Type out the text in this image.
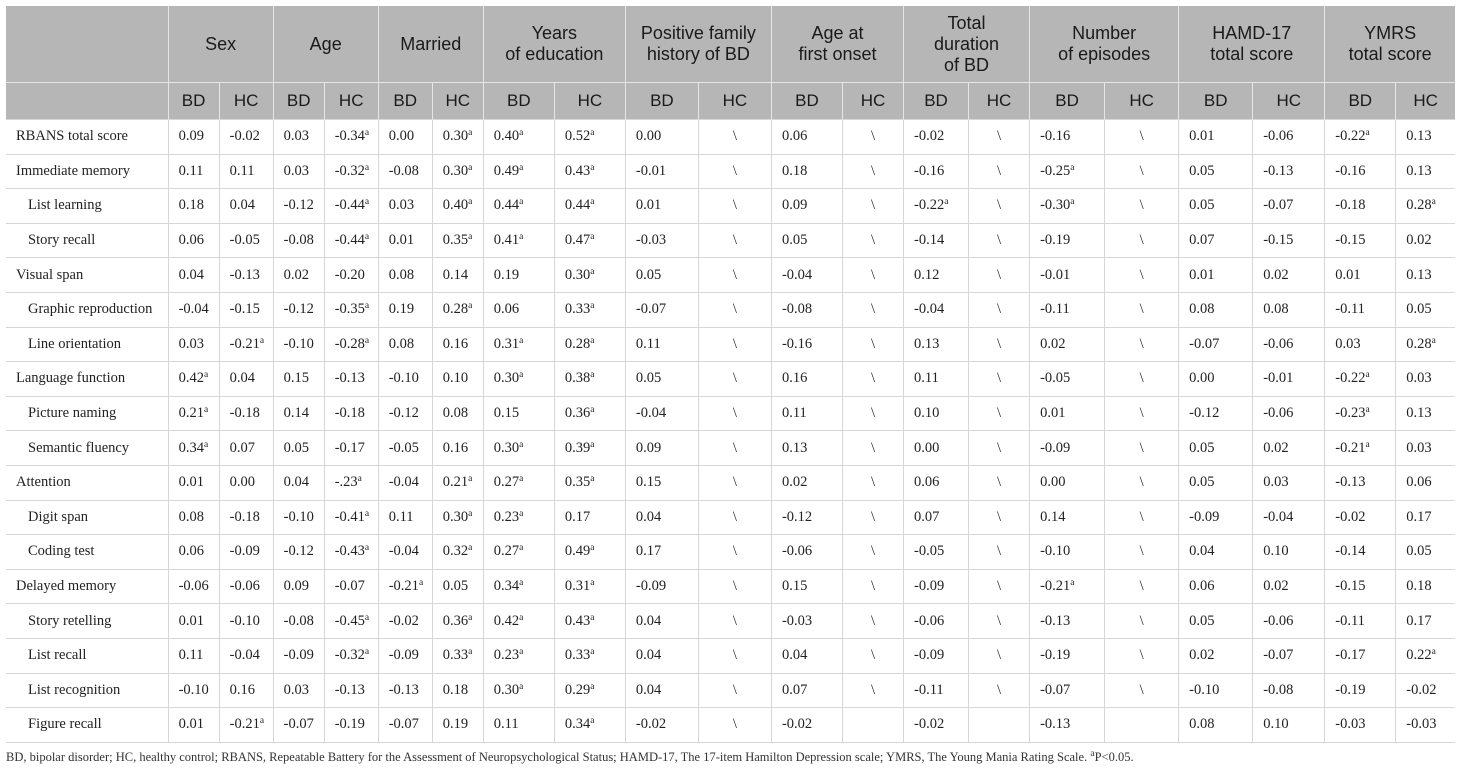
	Sex		Age		Married		Years
of education		Positive family
history of BD		Age at
first onset		Total
duration
of BD		Number
of episodes		HAMD-17
total score		YMRS
total score	
	BD	HC	BD	HC	BD	HC	BD	HC	BD	HC	BD	HC	BD	HC	BD	HC	BD	HC	BD	HC
RBANS total score	0.09	-0.02	0.03	-0.34$^a$	0.00	0.30$^a$	0.40$^a$	0.52$^a$	0.00	\	0.06	\	-0.02	\	-0.16	\	0.01	-0.06	-0.22$^a$	0.13
Immediate memory	0.11	0.11	0.03	-0.32$^a$	-0.08	0.30$^a$	0.49$^a$	0.43$^a$	-0.01	\	0.18	\	-0.16	\	-0.25$^a$	\	0.05	-0.13	-0.16	0.13
List learning	0.18	0.04	-0.12	-0.44$^a$	0.03	0.40$^a$	0.44$^a$	0.44$^a$	0.01	\	0.09	\	-0.22$^a$	\	-0.30$^a$	\	0.05	-0.07	-0.18	0.28$^a$
Story recall	0.06	-0.05	-0.08	-0.44$^a$	0.01	0.35$^a$	0.41$^a$	0.47$^a$	-0.03	\	0.05	\	-0.14	\	-0.19	\	0.07	-0.15	-0.15	0.02
Visual span	0.04	-0.13	0.02	-0.20	0.08	0.14	0.19	0.30$^a$	0.05	\	-0.04	\	0.12	\	-0.01	\	0.01	0.02	0.01	0.13
Graphic reproduction	-0.04	-0.15	-0.12	-0.35$^a$	0.19	0.28$^a$	0.06	0.33$^a$	-0.07	\	-0.08	\	-0.04	\	-0.11	\	0.08	0.08	-0.11	0.05
Line orientation	0.03	-0.21$^a$	-0.10	-0.28$^a$	0.08	0.16	0.31$^a$	0.28$^a$	0.11	\	-0.16	\	0.13	\	0.02	\	-0.07	-0.06	0.03	0.28$^a$
Language function	0.42$^a$	0.04	0.15	-0.13	-0.10	0.10	0.30$^a$	0.38$^a$	0.05	\	0.16	\	0.11	\	-0.05	\	0.00	-0.01	-0.22$^a$	0.03
Picture naming	0.21$^a$	-0.18	0.14	-0.18	-0.12	0.08	0.15	0.36$^a$	-0.04	\	0.11	\	0.10	\	0.01	\	-0.12	-0.06	-0.23$^a$	0.13
Semantic fluency	0.34$^a$	0.07	0.05	-0.17	-0.05	0.16	0.30$^a$	0.39$^a$	0.09	\	0.13	\	0.00	\	-0.09	\	0.05	0.02	-0.21$^a$	0.03
Attention	0.01	0.00	0.04	-.23$^a$	-0.04	0.21$^a$	0.27$^a$	0.35$^a$	0.15	\	0.02	\	0.06	\	0.00	\	0.05	0.03	-0.13	0.06
Digit span	0.08	-0.18	-0.10	-0.41$^a$	0.11	0.30$^a$	0.23$^a$	0.17	0.04	\	-0.12	\	0.07	\	0.14	\	-0.09	-0.04	-0.02	0.17
Coding test	0.06	-0.09	-0.12	-0.43$^a$	-0.04	0.32$^a$	0.27$^a$	0.49$^a$	0.17	\	-0.06	\	-0.05	\	-0.10	\	0.04	0.10	-0.14	0.05
Delayed memory	-0.06	-0.06	0.09	-0.07	-0.21$^a$	0.05	0.34$^a$	0.31$^a$	-0.09	\	0.15	\	-0.09	\	-0.21$^a$	\	0.06	0.02	-0.15	0.18
Story retelling	0.01	-0.10	-0.08	-0.45$^a$	-0.02	0.36$^a$	0.42$^a$	0.43$^a$	0.04	\	-0.03	\	-0.06	\	-0.13	\	0.05	-0.06	-0.11	0.17
List recall	0.11	-0.04	-0.09	-0.32$^a$	-0.09	0.33$^a$	0.23$^a$	0.33$^a$	0.04	\	0.04	\	-0.09	\	-0.19	\	0.02	-0.07	-0.17	0.22$^a$
List recognition	-0.10	0.16	0.03	-0.13	-0.13	0.18	0.30$^a$	0.29$^a$	0.04	\	0.07	\	-0.11	\	-0.07	\	-0.10	-0.08	-0.19	-0.02
Figure recall	0.01	-0.21$^a$	-0.07	-0.19	-0.07	0.19	0.11	0.34$^a$	-0.02	\	-0.02		-0.02		-0.13		0.08	0.10	-0.03	-0.03
BD, bipolar disorder; HC, healthy control; RBANS, Repeatable Battery for the Assessment of Neuropsychological Status; HAMD-17, The 17-item Hamilton Depression scale; YMRS, The Young Mania Rating Scale. $^a$P<0.05.
